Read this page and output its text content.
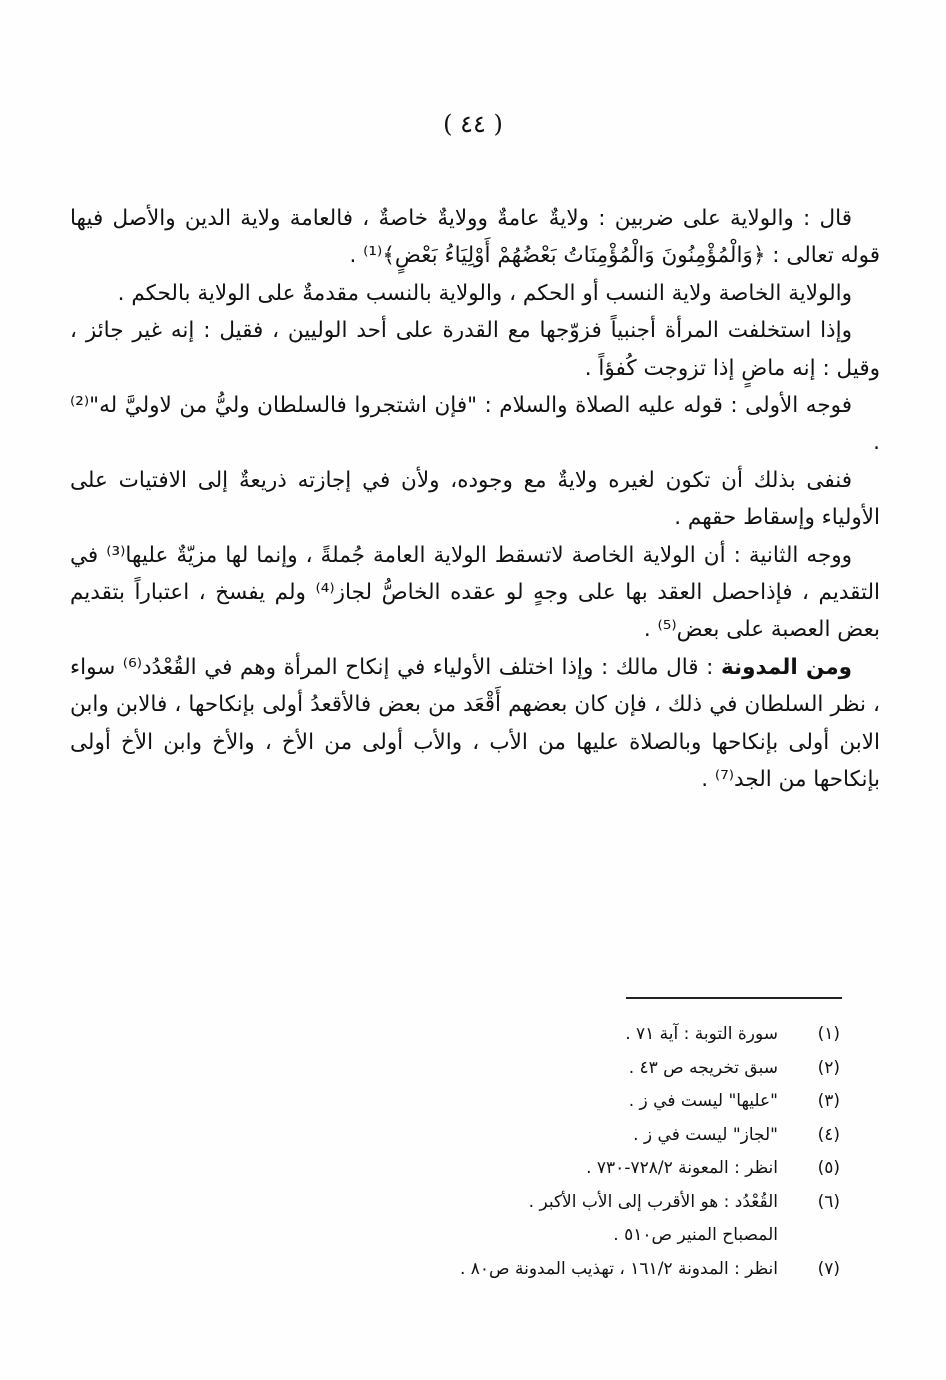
( ٤٤ )

قال : والولاية على ضربين : ولايةٌ عامةٌ وولايةٌ خاصةٌ ، فالعامة ولاية الدين والأصل فيها قوله تعالى : ﴿وَالْمُؤْمِنُونَ وَالْمُؤْمِنَاتُ بَعْضُهُمْ أَوْلِيَاءُ بَعْضٍ﴾⁽¹⁾ .

والولاية الخاصة ولاية النسب أو الحكم ، والولاية بالنسب مقدمةٌ على الولاية بالحكم .

وإذا استخلفت المرأة أجنبياً فزوّجها مع القدرة على أحد الوليين ، فقيل : إنه غير جائز ، وقيل : إنه ماضٍ إذا تزوجت كُفؤاً .

فوجه الأولى : قوله عليه الصلاة والسلام : "فإن اشتجروا فالسلطان وليُّ من لاوليَّ له"⁽²⁾ .

فنفى بذلك أن تكون لغيره ولايةٌ مع وجوده، ولأن في إجازته ذريعةٌ إلى الافتيات على الأولياء وإسقاط حقهم .

ووجه الثانية : أن الولاية الخاصة لاتسقط الولاية العامة جُملةً ، وإنما لها مزيّةٌ عليها⁽³⁾ في التقديم ، فإذاحصل العقد بها على وجهٍ لو عقده الخاصُّ لجاز⁽⁴⁾ ولم يفسخ ، اعتباراً بتقديم بعض العصبة على بعض⁽⁵⁾ .

ومن المدونة : قال مالك : وإذا اختلف الأولياء في إنكاح المرأة وهم في القُعْدُد⁽⁶⁾ سواء ، نظر السلطان في ذلك ، فإن كان بعضهم أَقْعَد من بعض فالأقعدُ أولى بإنكاحها ، فالابن وابن الابن أولى بإنكاحها وبالصلاة عليها من الأب ، والأب أولى من الأخ ، والأخ وابن الأخ أولى بإنكاحها من الجد⁽⁷⁾ .

(١)
سورة التوبة : آية ٧١ .
(٢)
سبق تخريجه ص ٤٣ .
(٣)
"عليها" ليست في ز .
(٤)
"لجاز" ليست في ز .
(٥)
انظر : المعونة ٧٢٨/٢-٧٣٠ .
(٦)
القُعْدُد : هو الأقرب إلى الأب الأكبر .
المصباح المنير ص٥١٠ .
(٧)
انظر : المدونة ١٦١/٢ ، تهذيب المدونة ص٨٠ .
